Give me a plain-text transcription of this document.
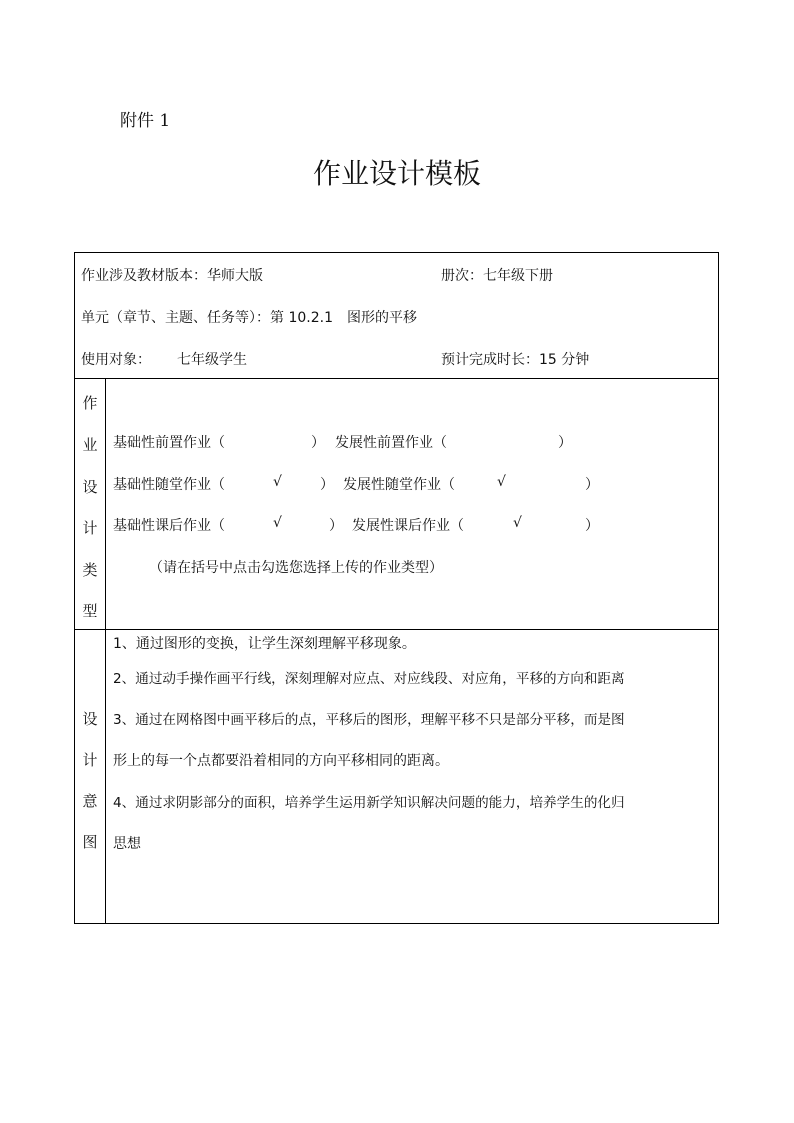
附件 1
作业设计模板
作业涉及教材版本：华师大版	册次：七年级下册
单元（章节、主题、任务等）：第 10.2.1　图形的平移
使用对象： 七年级学生	预计完成时长：15 分钟
作
业
设
计
类
型
基础性前置作业（	） 发展性前置作业（	）
基础性随堂作业（	√	） 发展性随堂作业（	√	）
基础性课后作业（	√	） 发展性课后作业（	√	）
（请在括号中点击勾选您选择上传的作业类型）
设
计
意
图
1、通过图形的变换，让学生深刻理解平移现象。
2、通过动手操作画平行线，深刻理解对应点、对应线段、对应角，平移的方向和距离
3、通过在网格图中画平移后的点，平移后的图形，理解平移不只是部分平移，而是图
形上的每一个点都要沿着相同的方向平移相同的距离。
4、通过求阴影部分的面积，培养学生运用新学知识解决问题的能力，培养学生的化归
思想
